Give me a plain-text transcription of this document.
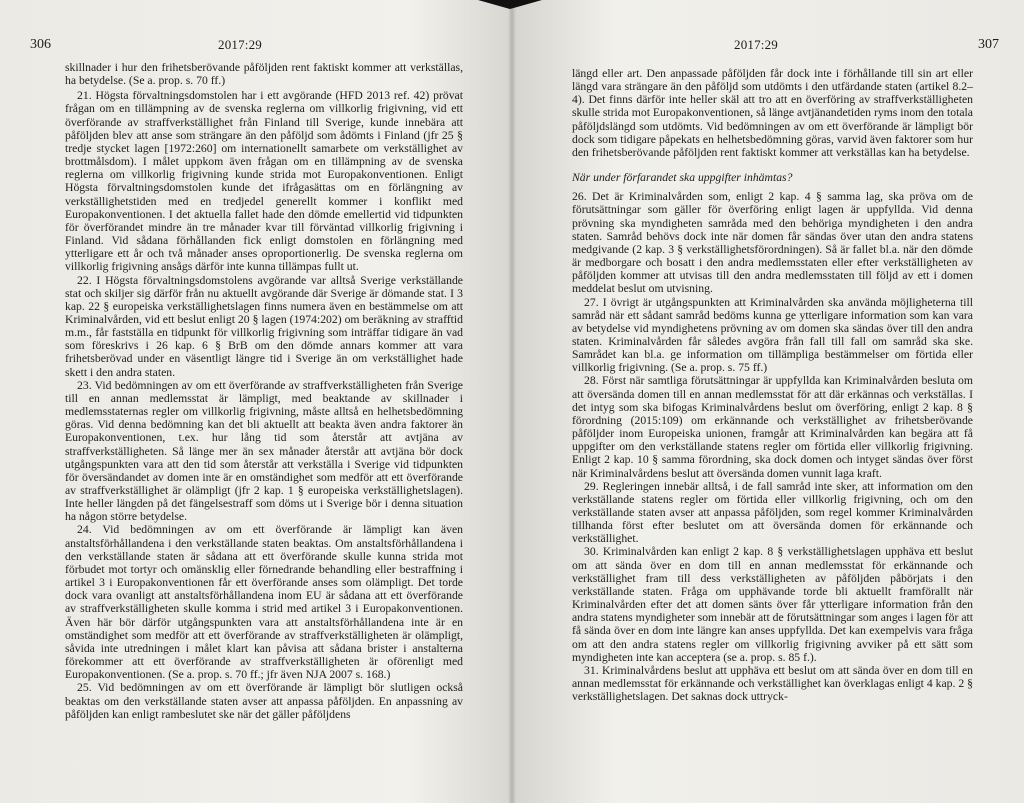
306	2017:29

skillnader i hur den frihetsberövande påföljden rent faktiskt kommer att verkställas, ha betydelse. (Se a. prop. s. 70 ff.)

21. Högsta förvaltningsdomstolen har i ett avgörande (HFD 2013 ref. 42) prövat frågan om en tillämpning av de svenska reglerna om villkorlig frigivning, vid ett överförande av straffverkställighet från Finland till Sverige, kunde innebära att påföljden blev att anse som strängare än den påföljd som ådömts i Finland (jfr 25 § tredje stycket lagen [1972:260] om internationellt samarbete om verkställighet av brottmålsdom). I målet uppkom även frågan om en tillämpning av de svenska reglerna om villkorlig frigivning kunde strida mot Europakonventionen. Enligt Högsta förvaltningsdomstolen kunde det ifrågasättas om en förlängning av verkställighetstiden med en tredjedel generellt kommer i konflikt med Europakonventionen. I det aktuella fallet hade den dömde emellertid vid tidpunkten för överförandet mindre än tre månader kvar till förväntad villkorlig frigivning i Finland. Vid sådana förhållanden fick enligt domstolen en förlängning med ytterligare ett år och två månader anses oproportionerlig. De svenska reglerna om villkorlig frigivning ansågs därför inte kunna tillämpas fullt ut.

22. I Högsta förvaltningsdomstolens avgörande var alltså Sverige verkställande stat och skiljer sig därför från nu aktuellt avgörande där Sverige är dömande stat. I 3 kap. 22 § europeiska verkställighetslagen finns numera även en bestämmelse om att Kriminalvården, vid ett beslut enligt 20 § lagen (1974:202) om beräkning av strafftid m.m., får fastställa en tidpunkt för villkorlig frigivning som inträffar tidigare än vad som föreskrivs i 26 kap. 6 § BrB om den dömde annars kommer att vara frihetsberövad under en väsentligt längre tid i Sverige än om verkställighet hade skett i den andra staten.

23. Vid bedömningen av om ett överförande av straffverkställigheten från Sverige till en annan medlemsstat är lämpligt, med beaktande av skillnader i medlemsstaternas regler om villkorlig frigivning, måste alltså en helhetsbedömning göras. Vid denna bedömning kan det bli aktuellt att beakta även andra faktorer än Europakonventionen, t.ex. hur lång tid som återstår att avtjäna av straffverkställigheten. Så länge mer än sex månader återstår att avtjäna bör dock utgångspunkten vara att den tid som återstår att verkställa i Sverige vid tidpunkten för översändandet av domen inte är en omständighet som medför att ett överförande av straffverkställighet är olämpligt (jfr 2 kap. 1 § europeiska verkställighetslagen). Inte heller längden på det fängelsestraff som döms ut i Sverige bör i denna situation ha någon större betydelse.

24. Vid bedömningen av om ett överförande är lämpligt kan även anstaltsförhållandena i den verkställande staten beaktas. Om anstaltsförhållandena i den verkställande staten är sådana att ett överförande skulle kunna strida mot förbudet mot tortyr och omänsklig eller förnedrande behandling eller bestraffning i artikel 3 i Europakonventionen får ett överförande anses som olämpligt. Det torde dock vara ovanligt att anstaltsförhållandena inom EU är sådana att ett överförande av straffverkställigheten skulle komma i strid med artikel 3 i Europakonventionen. Även här bör därför utgångspunkten vara att anstaltsförhållandena inte är en omständighet som medför att ett överförande av straffverkställigheten är olämpligt, såvida inte utredningen i målet klart kan påvisa att sådana brister i anstalterna förekommer att ett överförande av straffverkställigheten är oförenligt med Europakonventionen. (Se a. prop. s. 70 ff.; jfr även NJA 2007 s. 168.)

25. Vid bedömningen av om ett överförande är lämpligt bör slutligen också beaktas om den verkställande staten avser att anpassa påföljden. En anpassning av påföljden kan enligt rambeslutet ske när det gäller påföljdens

2017:29	307

längd eller art. Den anpassade påföljden får dock inte i förhållande till sin art eller längd vara strängare än den påföljd som utdömts i den utfärdande staten (artikel 8.2–4). Det finns därför inte heller skäl att tro att en överföring av straffverkställigheten skulle strida mot Europakonventionen, så länge avtjänandetiden ryms inom den totala påföljdslängd som utdömts. Vid bedömningen av om ett överförande är lämpligt bör dock som tidigare påpekats en helhetsbedömning göras, varvid även faktorer som hur den frihetsberövande påföljden rent faktiskt kommer att verkställas kan ha betydelse.

När under förfarandet ska uppgifter inhämtas?

26. Det är Kriminalvården som, enligt 2 kap. 4 § samma lag, ska pröva om de förutsättningar som gäller för överföring enligt lagen är uppfyllda. Vid denna prövning ska myndigheten samråda med den behöriga myndigheten i den andra staten. Samråd behövs dock inte när domen får sändas över utan den andra statens medgivande (2 kap. 3 § verkställighetsförordningen). Så är fallet bl.a. när den dömde är medborgare och bosatt i den andra medlemsstaten eller efter verkställigheten av påföljden kommer att utvisas till den andra medlemsstaten till följd av ett i domen meddelat beslut om utvisning.

27. I övrigt är utgångspunkten att Kriminalvården ska använda möjligheterna till samråd när ett sådant samråd bedöms kunna ge ytterligare information som kan vara av betydelse vid myndighetens prövning av om domen ska sändas över till den andra staten. Kriminalvården får således avgöra från fall till fall om samråd ska ske. Samrådet kan bl.a. ge information om tillämpliga bestämmelser om förtida eller villkorlig frigivning. (Se a. prop. s. 75 ff.)

28. Först när samtliga förutsättningar är uppfyllda kan Kriminalvården besluta om att översända domen till en annan medlemsstat för att där erkännas och verkställas. I det intyg som ska bifogas Kriminalvårdens beslut om överföring, enligt 2 kap. 8 § förordning (2015:109) om erkännande och verkställighet av frihetsberövande påföljder inom Europeiska unionen, framgår att Kriminalvården kan begära att få uppgifter om den verkställande statens regler om förtida eller villkorlig frigivning. Enligt 2 kap. 10 § samma förordning, ska dock domen och intyget sändas över först när Kriminalvårdens beslut att översända domen vunnit laga kraft.

29. Regleringen innebär alltså, i de fall samråd inte sker, att information om den verkställande statens regler om förtida eller villkorlig frigivning, och om den verkställande staten avser att anpassa påföljden, som regel kommer Kriminalvården tillhanda först efter beslutet om att översända domen för erkännande och verkställighet.

30. Kriminalvården kan enligt 2 kap. 8 § verkställighetslagen upphäva ett beslut om att sända över en dom till en annan medlemsstat för erkännande och verkställighet fram till dess verkställigheten av påföljden påbörjats i den verkställande staten. Fråga om upphävande torde bli aktuellt framförallt när Kriminalvården efter det att domen sänts över får ytterligare information från den andra statens myndigheter som innebär att de förutsättningar som anges i lagen för att få sända över en dom inte längre kan anses uppfyllda. Det kan exempelvis vara fråga om att den andra statens regler om villkorlig frigivning avviker på ett sätt som myndigheten inte kan acceptera (se a. prop. s. 85 f.).

31. Kriminalvårdens beslut att upphäva ett beslut om att sända över en dom till en annan medlemsstat för erkännande och verkställighet kan överklagas enligt 4 kap. 2 § verkställighetslagen. Det saknas dock uttryck-
